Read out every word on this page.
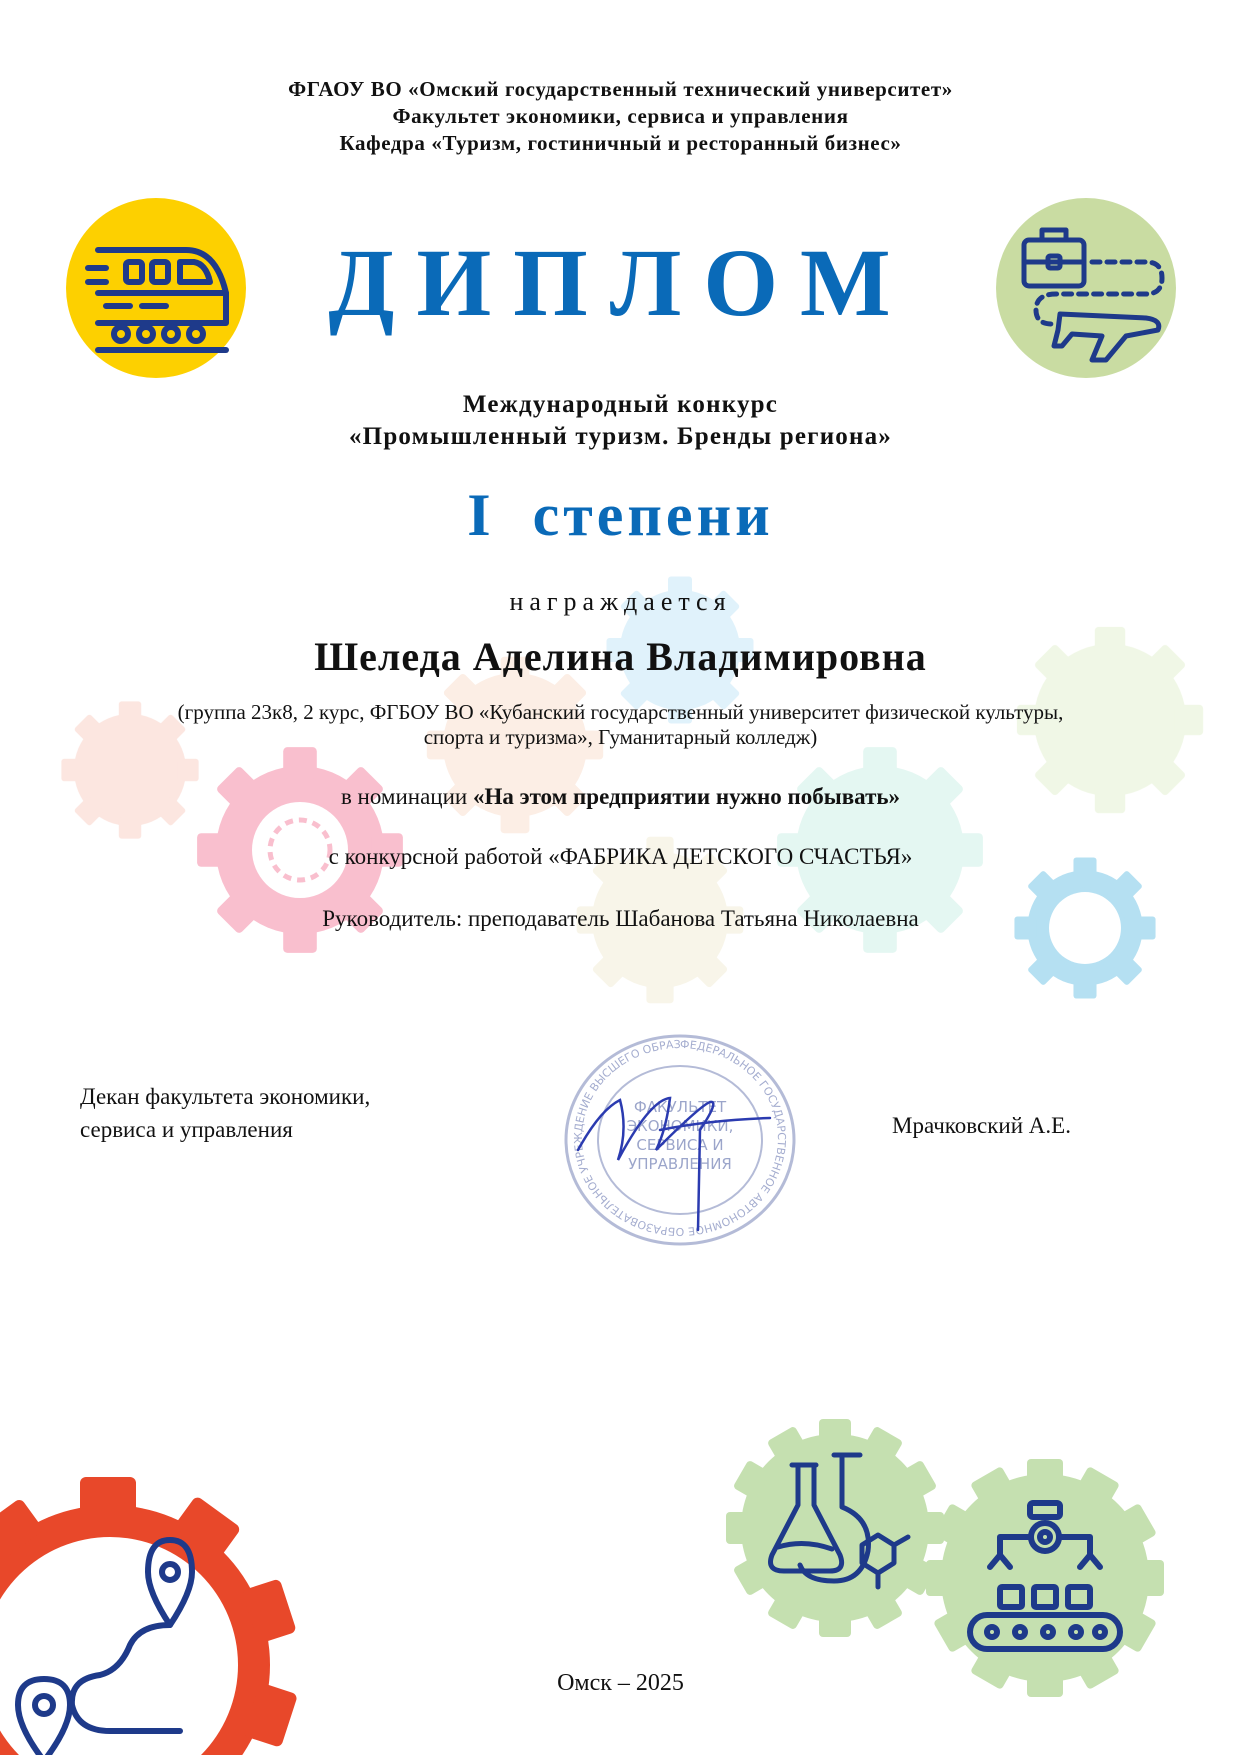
ФГАОУ ВО «Омский государственный технический университет»
Факультет экономики, сервиса и управления
Кафедра «Туризм, гостиничный и ресторанный бизнес»
ДИПЛОМ
Международный конкурс
«Промышленный туризм. Бренды региона»
I  степени
награждается
Шеледа Аделина Владимировна
(группа 23к8, 2 курс, ФГБОУ ВО «Кубанский государственный университет физической культуры,
спорта и туризма», Гуманитарный колледж)
в номинации «На этом предприятии нужно побывать»
с конкурсной работой «ФАБРИКА ДЕТСКОГО СЧАСТЬЯ»
Руководитель: преподаватель Шабанова Татьяна Николаевна
Декан факультета экономики,
сервиса и управления	Мрачковский А.Е.
ФЕДЕРАЛЬНОЕ ГОСУДАРСТВЕННОЕ АВТОНОМНОЕ ОБРАЗОВАТЕЛЬНОЕ УЧРЕЖДЕНИЕ ВЫСШЕГО ОБРАЗОВАНИЯ ОМСКИЙ ГОСУДАРСТВЕННЫЙ ТЕХНИЧЕСКИЙ УНИВЕРСИТЕТ
ФАКУЛЬТЕТ ЭКОНОМИКИ, СЕРВИСА И УПРАВЛЕНИЯ
Омск – 2025
